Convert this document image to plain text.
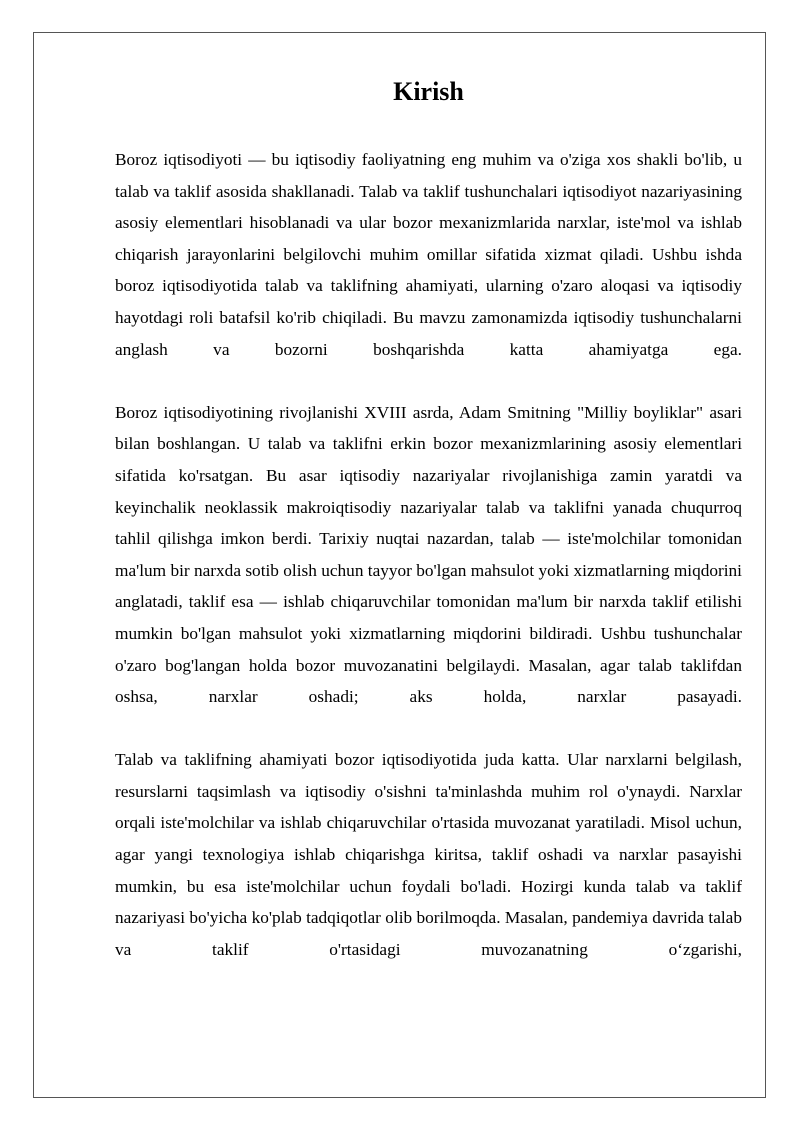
Kirish

Boroz iqtisodiyoti — bu iqtisodiy faoliyatning eng muhim va o'ziga xos shakli bo'lib, u talab va taklif asosida shakllanadi. Talab va taklif tushunchalari iqtisodiyot nazariyasining asosiy elementlari hisoblanadi va ular bozor mexanizmlarida narxlar, iste'mol va ishlab chiqarish jarayonlarini belgilovchi muhim omillar sifatida xizmat qiladi. Ushbu ishda boroz iqtisodiyotida talab va taklifning ahamiyati, ularning o'zaro aloqasi va iqtisodiy hayotdagi roli batafsil ko'rib chiqiladi. Bu mavzu zamonamizda iqtisodiy tushunchalarni anglash va bozorni boshqarishda katta ahamiyatga ega.

Boroz iqtisodiyotining rivojlanishi XVIII asrda, Adam Smitning "Milliy boyliklar" asari bilan boshlangan. U talab va taklifni erkin bozor mexanizmlarining asosiy elementlari sifatida ko'rsatgan. Bu asar iqtisodiy nazariyalar rivojlanishiga zamin yaratdi va keyinchalik neoklassik makroiqtisodiy nazariyalar talab va taklifni yanada chuqurroq tahlil qilishga imkon berdi. Tarixiy nuqtai nazardan, talab — iste'molchilar tomonidan ma'lum bir narxda sotib olish uchun tayyor bo'lgan mahsulot yoki xizmatlarning miqdorini anglatadi, taklif esa — ishlab chiqaruvchilar tomonidan ma'lum bir narxda taklif etilishi mumkin bo'lgan mahsulot yoki xizmatlarning miqdorini bildiradi. Ushbu tushunchalar o'zaro bog'langan holda bozor muvozanatini belgilaydi. Masalan, agar talab taklifdan oshsa, narxlar oshadi; aks holda, narxlar pasayadi.

Talab va taklifning ahamiyati bozor iqtisodiyotida juda katta. Ular narxlarni belgilash, resurslarni taqsimlash va iqtisodiy o'sishni ta'minlashda muhim rol o'ynaydi. Narxlar orqali iste'molchilar va ishlab chiqaruvchilar o'rtasida muvozanat yaratiladi. Misol uchun, agar yangi texnologiya ishlab chiqarishga kiritsa, taklif oshadi va narxlar pasayishi mumkin, bu esa iste'molchilar uchun foydali bo'ladi. Hozirgi kunda talab va taklif nazariyasi bo'yicha ko'plab tadqiqotlar olib borilmoqda. Masalan, pandemiya davrida talab va taklif o'rtasidagi muvozanatning oʻzgarishi,
